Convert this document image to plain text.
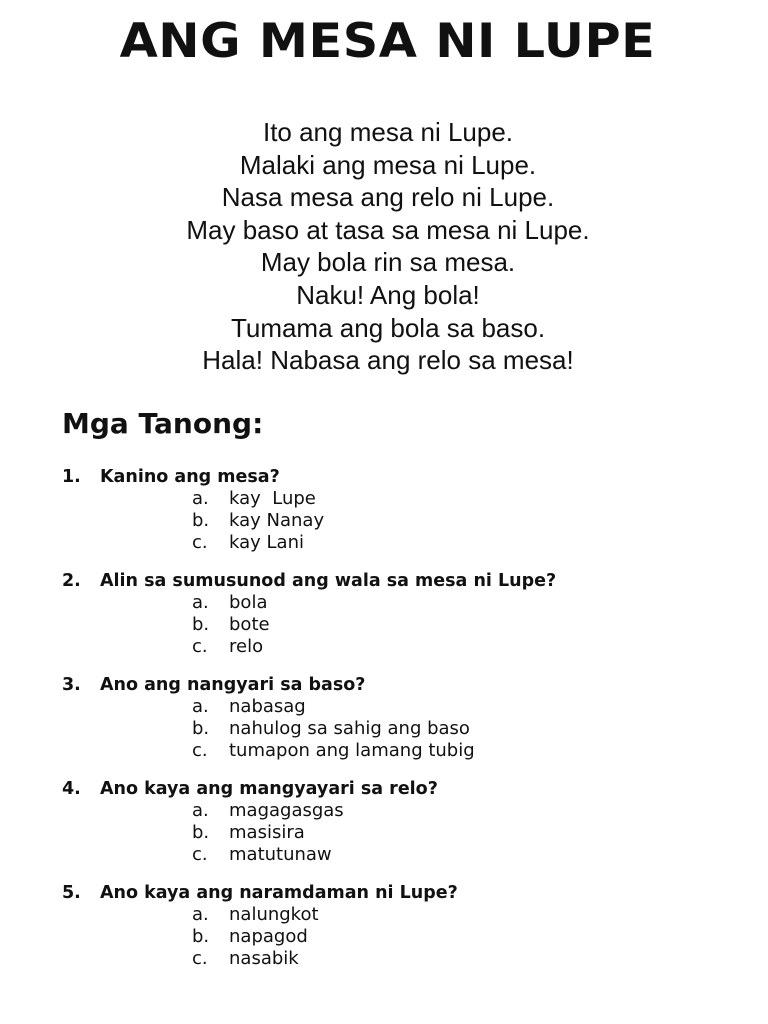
ANG MESA NI LUPE
Ito ang mesa ni Lupe.
Malaki ang mesa ni Lupe.
Nasa mesa ang relo ni Lupe.
May baso at tasa sa mesa ni Lupe.
May bola rin sa mesa.
Naku! Ang bola!
Tumama ang bola sa baso.
Hala! Nabasa ang relo sa mesa!
Mga Tanong:
1. Kanino ang mesa?
a. kay  Lupe
b. kay Nanay
c. kay Lani
2. Alin sa sumusunod ang wala sa mesa ni Lupe?
a. bola
b. bote
c. relo
3. Ano ang nangyari sa baso?
a. nabasag
b. nahulog sa sahig ang baso
c. tumapon ang lamang tubig
4. Ano kaya ang mangyayari sa relo?
a. magagasgas
b. masisira
c. matutunaw
5. Ano kaya ang naramdaman ni Lupe?
a. nalungkot
b. napagod
c. nasabik
